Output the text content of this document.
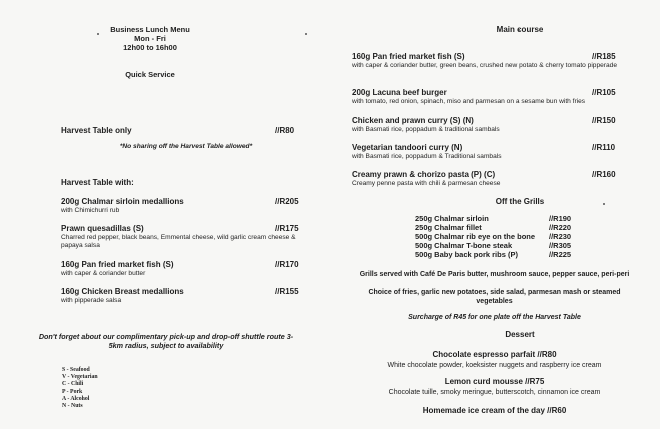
Business Lunch Menu
Mon - Fri
12h00 to 16h00
Quick Service
Harvest Table only	//R80
*No sharing off the Harvest Table allowed*
Harvest Table with:
200g Chalmar sirloin medallions	//R205
with Chimichurri rub
Prawn quesadillas (S)	//R175
Charred red pepper, black beans, Emmental cheese, wild garlic cream cheese & papaya salsa
160g Pan fried market fish (S)	//R170
with caper & coriander butter
160g Chicken Breast medallions	//R155
with pipperade salsa
Don't forget about our complimentary pick-up and drop-off shuttle route 3-5km radius, subject to availability
S - Seafood
V - Vegetarian
C - Chili
P - Pork
A - Alcohol
N - Nuts
Main course
160g Pan fried market fish (S)	//R185
with caper & coriander butter, green beans, crushed new potato & cherry tomato pipperade
200g Lacuna beef burger	//R105
with tomato, red onion, spinach, miso and parmesan on a sesame bun with fries
Chicken and prawn curry (S) (N)	//R150
with Basmati rice, poppadum & traditional sambals
Vegetarian tandoori curry (N)	//R110
with Basmati rice, poppadum & Traditional sambals
Creamy prawn & chorizo pasta (P) (C)	//R160
Creamy penne pasta with chili & parmesan cheese
Off the Grills
250g Chalmar sirloin	//R190
250g Chalmar fillet	//R220
500g Chalmar rib eye on the bone //R230
500g Chalmar T-bone steak	//R305
500g Baby back pork ribs (P)	//R225
Grills served with Café De Paris butter, mushroom sauce, pepper sauce, peri-peri
Choice of fries, garlic new potatoes, side salad, parmesan mash or steamed vegetables
Surcharge of R45 for one plate off the Harvest Table
Dessert
Chocolate espresso parfait //R80
White chocolate powder, koeksister nuggets and raspberry ice cream
Lemon curd mousse //R75
Chocolate tuille, smoky meringue, butterscotch, cinnamon ice cream
Homemade ice cream of the day //R60
